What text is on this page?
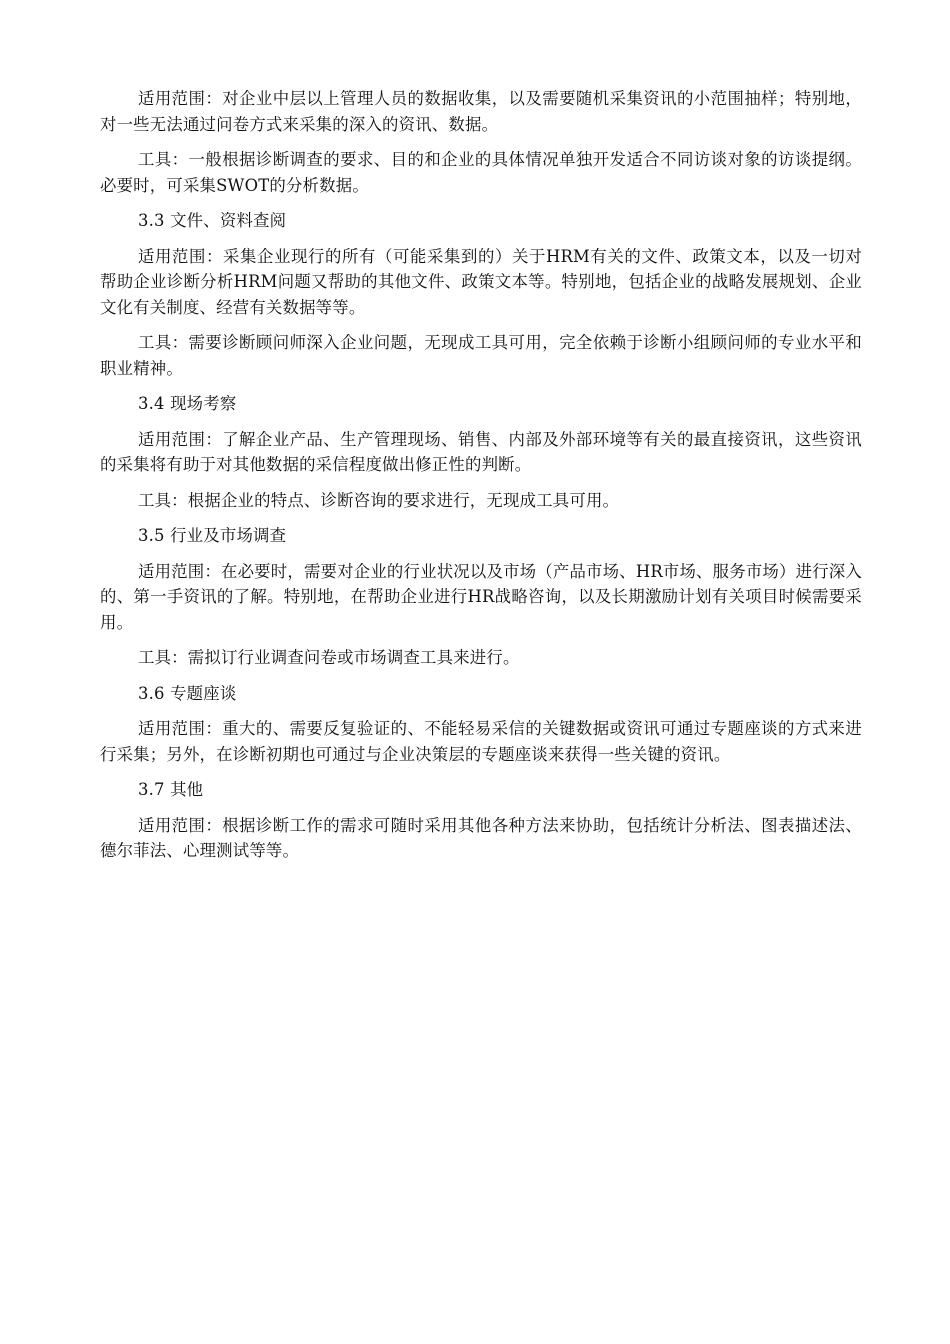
适用范围：对企业中层以上管理人员的数据收集，以及需要随机采集资讯的小范围抽样；特别地，对一些无法通过问卷方式来采集的深入的资讯、数据。

工具：一般根据诊断调查的要求、目的和企业的具体情况单独开发适合不同访谈对象的访谈提纲。必要时，可采集SWOT的分析数据。

3.3 文件、资料查阅

适用范围：采集企业现行的所有（可能采集到的）关于HRM有关的文件、政策文本，以及一切对帮助企业诊断分析HRM问题又帮助的其他文件、政策文本等。特别地，包括企业的战略发展规划、企业文化有关制度、经营有关数据等等。

工具：需要诊断顾问师深入企业问题，无现成工具可用，完全依赖于诊断小组顾问师的专业水平和职业精神。

3.4 现场考察

适用范围：了解企业产品、生产管理现场、销售、内部及外部环境等有关的最直接资讯，这些资讯的采集将有助于对其他数据的采信程度做出修正性的判断。

工具：根据企业的特点、诊断咨询的要求进行，无现成工具可用。

3.5 行业及市场调查

适用范围：在必要时，需要对企业的行业状况以及市场（产品市场、HR市场、服务市场）进行深入的、第一手资讯的了解。特别地，在帮助企业进行HR战略咨询，以及长期激励计划有关项目时候需要采用。

工具：需拟订行业调查问卷或市场调查工具来进行。

3.6 专题座谈

适用范围：重大的、需要反复验证的、不能轻易采信的关键数据或资讯可通过专题座谈的方式来进行采集；另外，在诊断初期也可通过与企业决策层的专题座谈来获得一些关键的资讯。

3.7 其他

适用范围：根据诊断工作的需求可随时采用其他各种方法来协助，包括统计分析法、图表描述法、德尔菲法、心理测试等等。
